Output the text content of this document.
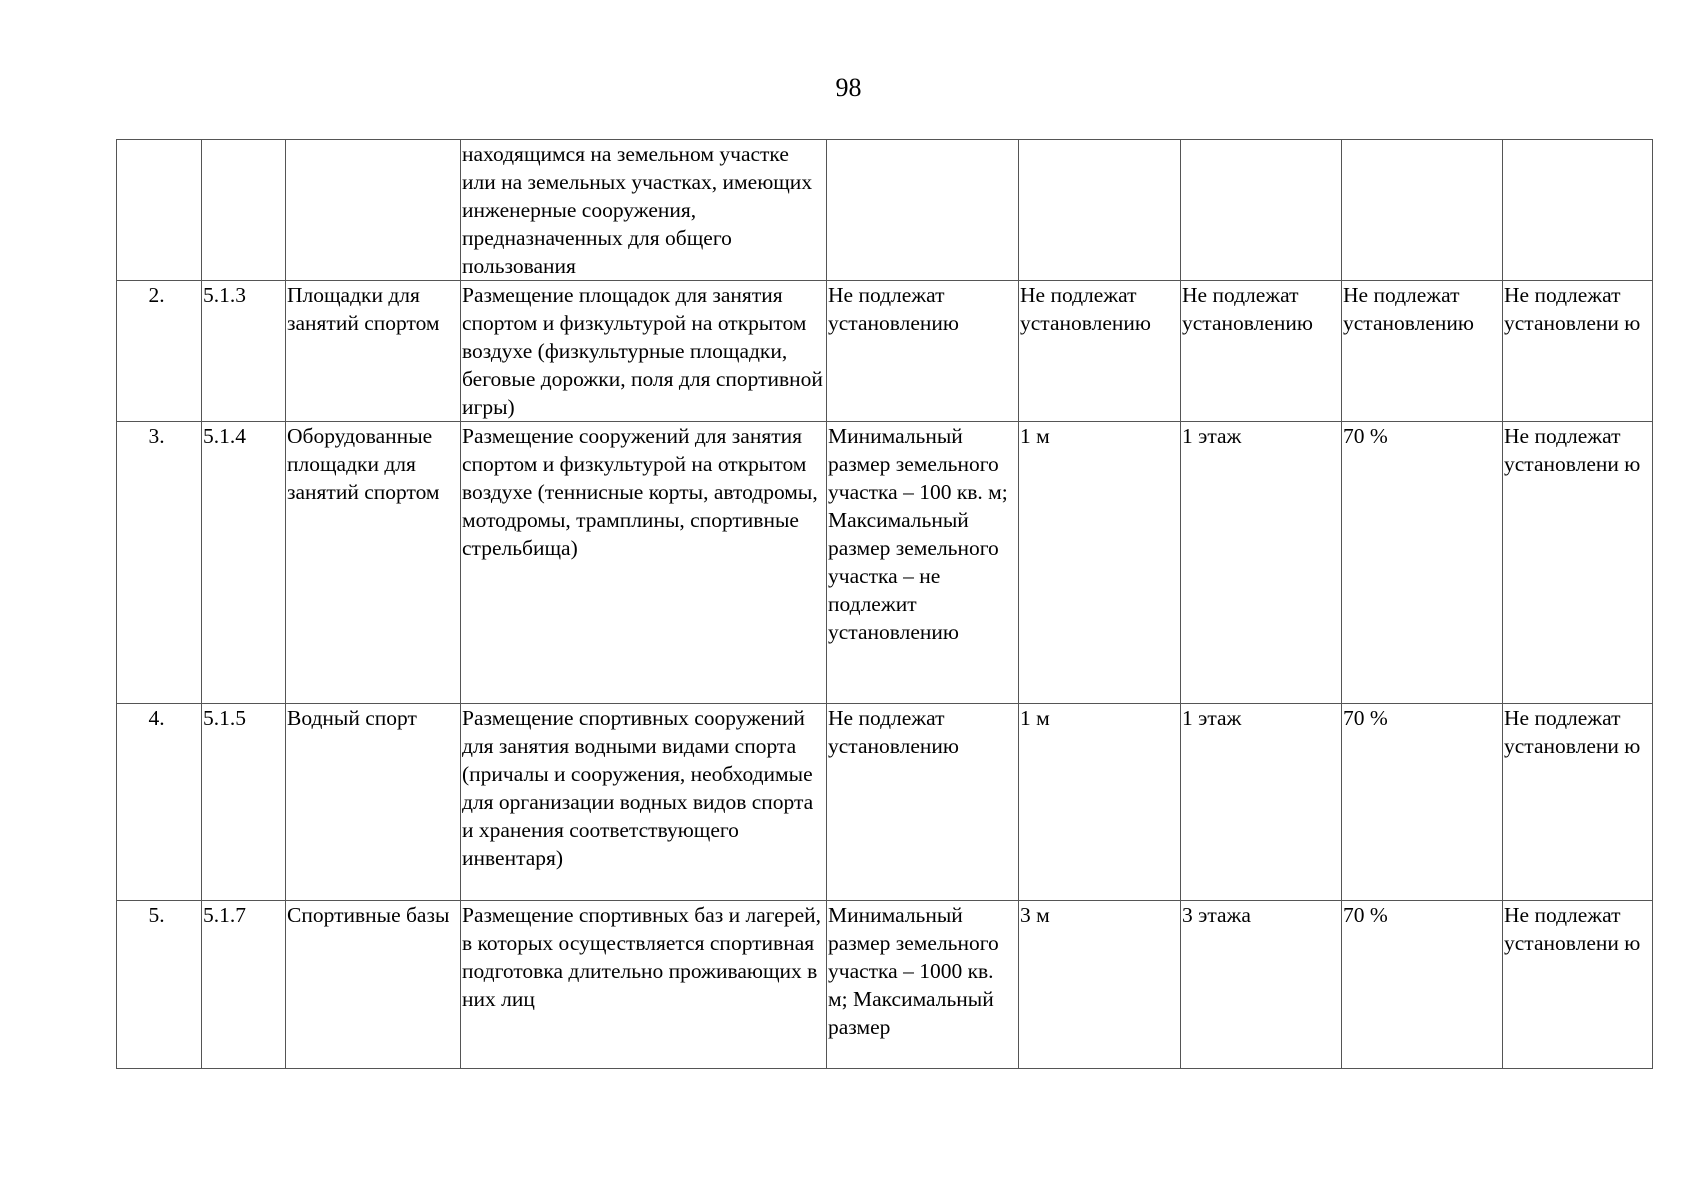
98
			находящимся на земельном участке или на земельных участках, имеющих инженерные сооружения, предназначенных для общего пользования					
2.	5.1.3	Площадки для занятий спортом	Размещение площадок для занятия спортом и физкультурой на открытом воздухе (физкультурные площадки, беговые дорожки, поля для спортивной игры)	Не подлежат установлению	Не подлежат установлению	Не подлежат установлению	Не подлежат установлению	Не подлежат установлени ю
3.	5.1.4	Оборудованные площадки для занятий спортом	Размещение сооружений для занятия спортом и физкультурой на открытом воздухе (теннисные корты, автодромы, мотодромы, трамплины, спортивные стрельбища)	Минимальный размер земельного участка – 100 кв. м; Максимальный размер земельного участка – не подлежит установлению	1 м	1 этаж	70 %	Не подлежат установлени ю
4.	5.1.5	Водный спорт	Размещение спортивных сооружений для занятия водными видами спорта (причалы и сооружения, необходимые для организации водных видов спорта и хранения соответствующего инвентаря)	Не подлежат установлению	1 м	1 этаж	70 %	Не подлежат установлени ю
5.	5.1.7	Спортивные базы	Размещение спортивных баз и лагерей, в которых осуществляется спортивная подготовка длительно проживающих в них лиц	Минимальный размер земельного участка – 1000 кв. м; Максимальный размер	3 м	3 этажа	70 %	Не подлежат установлени ю
